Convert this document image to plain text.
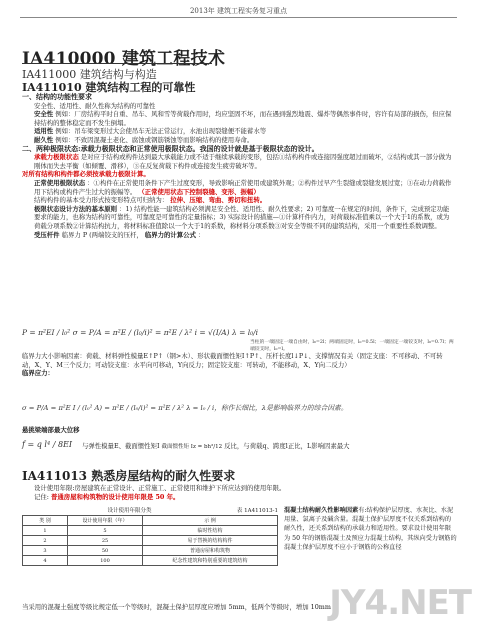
2013年 建筑工程实务复习重点
IA410000 建筑工程技术
IA411000 建筑结构与构造
IA411010 建筑结构工程的可靠性
一、结构的功能性要求
安全性、适用性、耐久性称为结构的可靠性
安全性 例如：厂房结构平时自重、吊车、风和雪等荷载作用时，均应坚固不坏，而在遇到强烈地震、爆炸等偶然事件时，容许有局部的损伤，但应保持结构的整体稳定而不发生倒塌。
适用性 例如：吊车梁变形过大会使吊车无法正常运行，水池出现裂缝便不能蓄水等
耐久性 例如：不致因混凝土老化、腐蚀或钢筋锈蚀等而影响结构的使用寿命。
二、两种极限状态:承载力极限状态和正常使用极限状态。我国的设计就是基于极限状态的设计。
承载力极限状态 是对应于结构或构件达到最大承载能力或不适于继续承载的变形，包括①结构构件或连接因强度超过而破坏，②结构或其一部分做为刚体而失去平衡（如倾覆、滑移），③在反复荷载下构件或连接发生疲劳破坏等。
对所有结构和构件都必须按承载力极限计算。
正常使用极限状态 ：①构件在正常使用条件下产生过度变形，导致影响正常使用或建筑外观；②构件过早产生裂缝或裂缝发展过宽；③在动力荷载作用下结构或构件产生过大的振幅等。 （正常使用状态下控制裂缝、变形、振幅）
结构构件的基本受力形式按变形特点可归纳为： 拉伸、压缩、弯曲、剪切和扭转。
极限状态设计方法的基本原则 ：1) 结构性能一建筑结构必须满足安全性、适用性、耐久性要求；2) 可靠度一在规定的时间，条件下，完成预定功能要求的能力，也称为结构的可靠性，可靠度是可靠性的定量指标；3) 实际设计的措施—①计算杆件内力，对荷载标准值乘以一个大于1的系数，或为荷载分项系数②计算结构抗力，将材料标准值除以一个大于1的系数，称材料分项系数③对安全等级不同的建筑结构，采用一个重要性系数调整。
受压杆件 临界力 P (两端铰支的压杆， 临界力的计算公式 ：
P = π²EI / l₀² σ = P/A = π²E / (l₀/i)² = π²E / λ² i = √(I/A) λ = l₀/i
当柱的一端固定一端自由时，l₀=2l；两端固定时，l₀=0.5l；一端固定一端铰支时，l₀=0.7l；两端铰支时，l₀=l。
临界力大小影响因素：荷载、材料弹性模量E↑P↑（钢>木）、形状截面惯性矩I↑P↑、压杆长度l↓P↓、支撑情况有关（固定支座：不可移动、不可转动，X、Y、M三个反力；可动铰支座：水平向可移动，Y向反力；固定铰支座：可转动，不能移动，X、Y向二反力）
临界应力：
σ = P/A = π²E I / (l₀² A) = π²E / (l₀/i)² = π²E / λ² λ = l₀ / i，称作长细比，λ是影响临界力的综合因素。
悬挑梁端部最大位移
f = q l⁴ / 8EI 与弹性模量E、截面惯性矩I 截面惯性矩 Iz = bh³/12 反比，与荷载q、跨度l正比，L影响因素最大
IA411013 熟悉房屋结构的耐久性要求
设计使用年限:房屋建筑在正常设计、正常施工、正常使用和维护下所应达到的使用年限。
记住: 普通房屋和构筑物的设计使用年限是 50 年。
设计使用年限分类	表 1A411013-1
类 别	设计使用年限（年）	示 例
1	5	临时性结构
2	25	易于替换的结构构件
3	50	普通房屋和构筑物
4	100	纪念性建筑和特别重要的建筑结构
混凝土结构耐久性影响因素有:结构保护层厚度、水灰比、水泥用量、氯离子及碱含量。混凝土保护层厚度不仅关系到结构的耐久性，还关系到结构的承载力和适用性。要求设计使用年限为 50 年的钢筋混凝土及预应力混凝土结构，其纵向受力钢筋的混凝土保护层厚度不应小于钢筋的公称直径
当采用的混凝土强度等级比规定低一个等级时，混凝土保护层厚度应增加 5mm，低两个等级时，增加 10mm
JY4.NET
